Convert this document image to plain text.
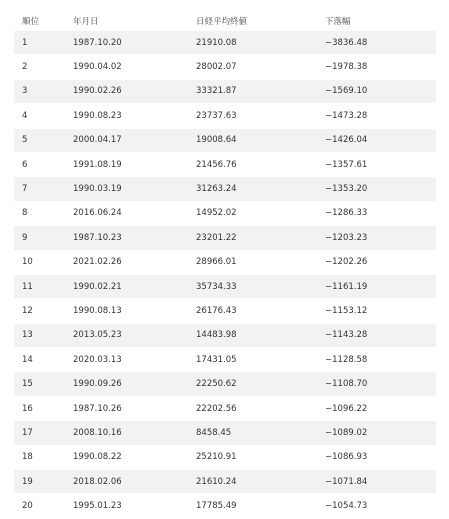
順位	年月日	日経平均終値	下落幅
1	1987.10.20	21910.08	−3836.48
2	1990.04.02	28002.07	−1978.38
3	1990.02.26	33321.87	−1569.10
4	1990.08.23	23737.63	−1473.28
5	2000.04.17	19008.64	−1426.04
6	1991.08.19	21456.76	−1357.61
7	1990.03.19	31263.24	−1353.20
8	2016.06.24	14952.02	−1286.33
9	1987.10.23	23201.22	−1203.23
10	2021.02.26	28966.01	−1202.26
11	1990.02.21	35734.33	−1161.19
12	1990.08.13	26176.43	−1153.12
13	2013.05.23	14483.98	−1143.28
14	2020.03.13	17431.05	−1128.58
15	1990.09.26	22250.62	−1108.70
16	1987.10.26	22202.56	−1096.22
17	2008.10.16	8458.45	−1089.02
18	1990.08.22	25210.91	−1086.93
19	2018.02.06	21610.24	−1071.84
20	1995.01.23	17785.49	−1054.73
